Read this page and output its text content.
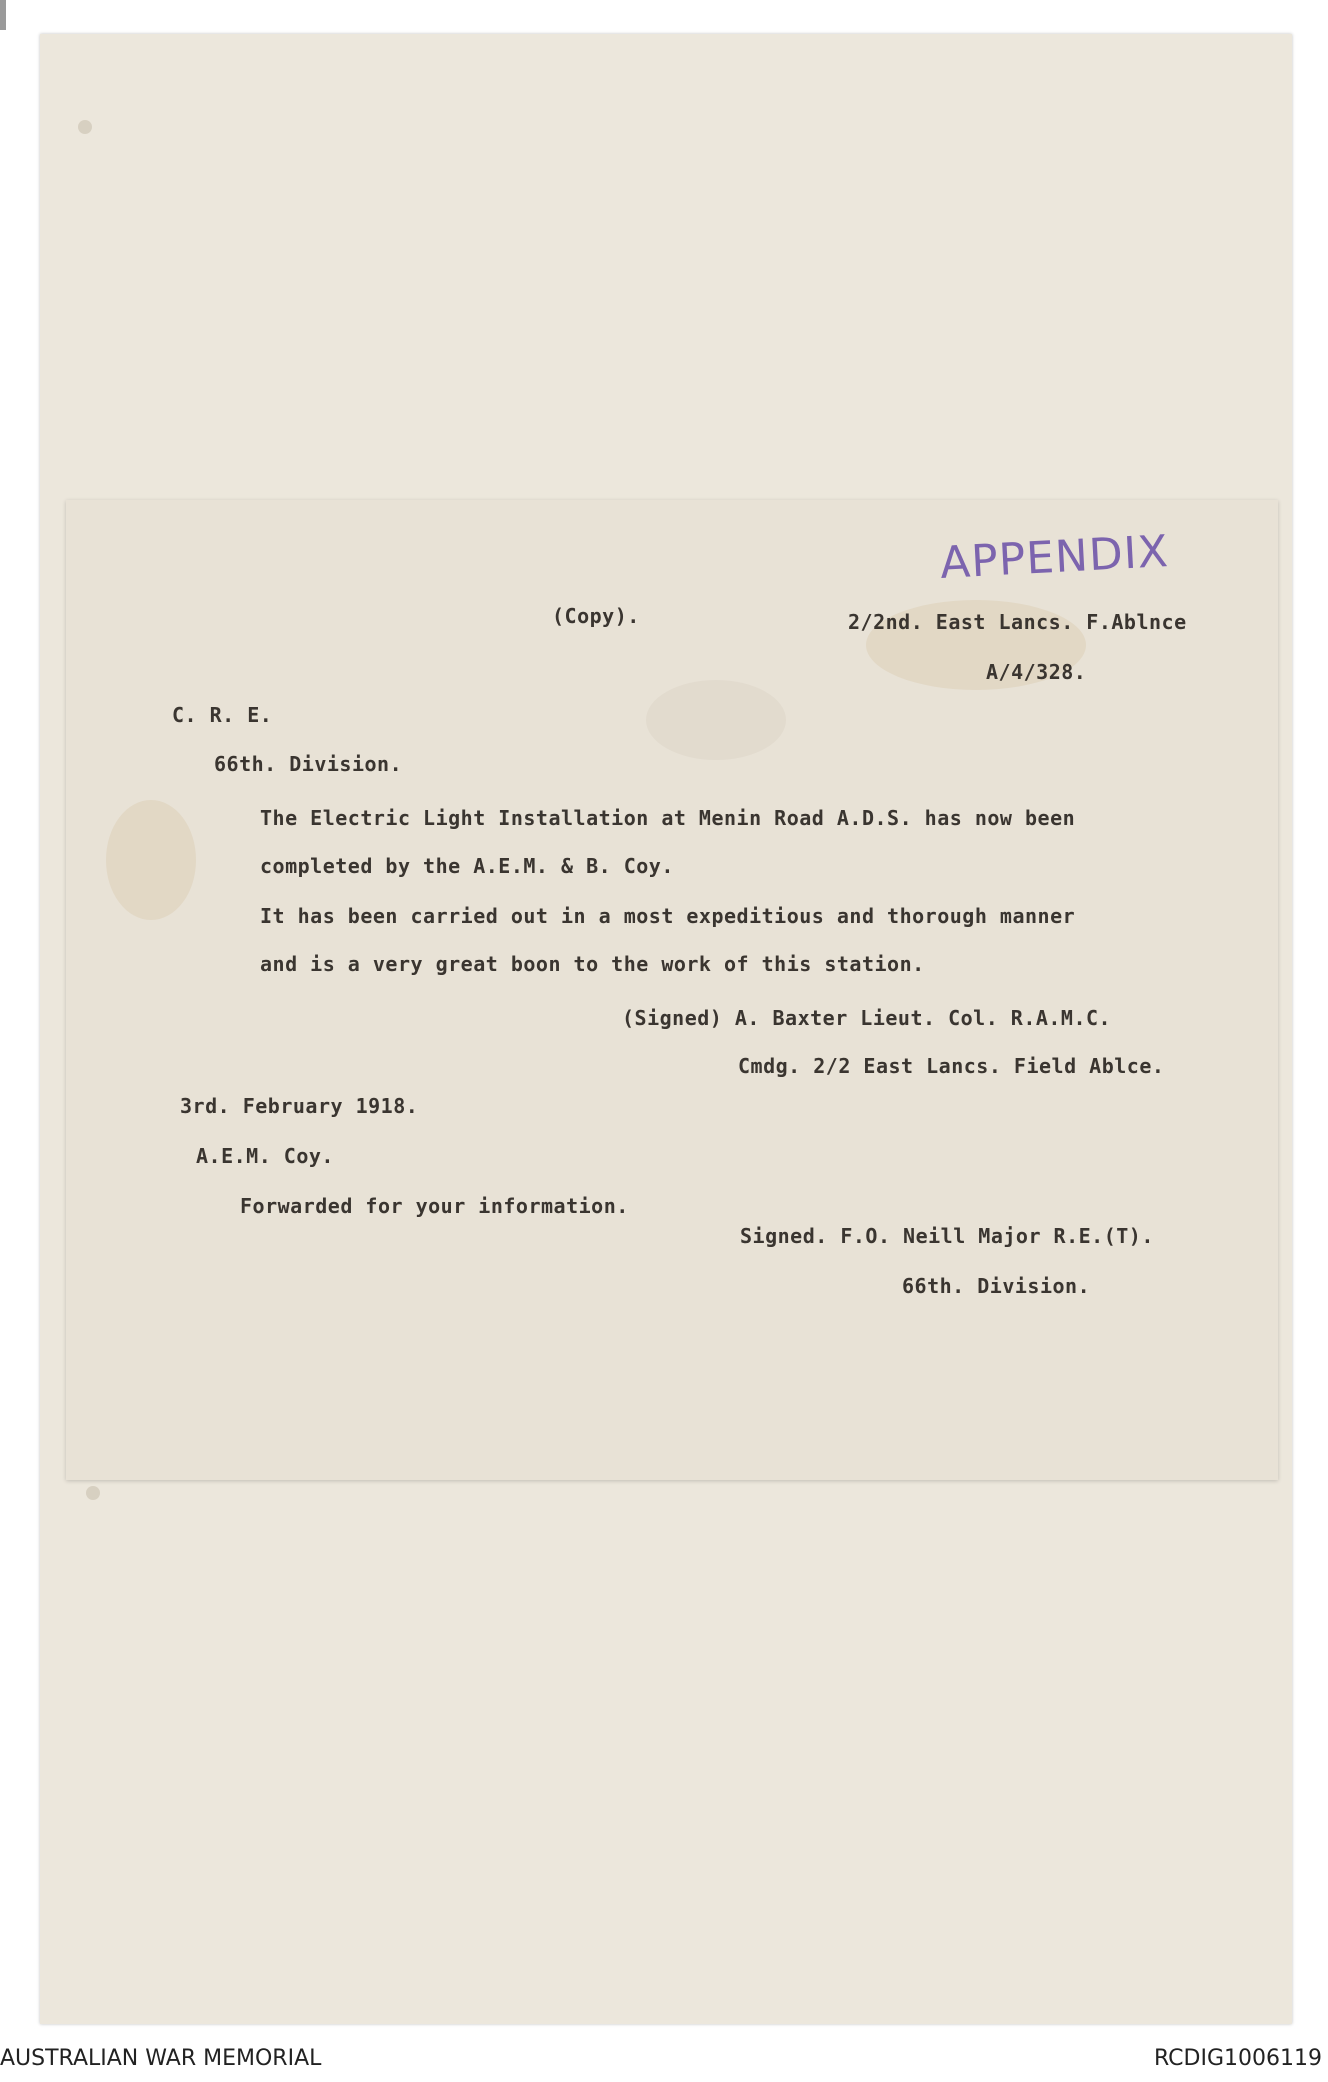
APPENDIX
(Copy).	2/2nd. East Lancs. F.Ablnce
A/4/328.
C. R. E.
66th. Division.
The Electric Light Installation at Menin Road A.D.S. has now been
completed by the A.E.M. & B. Coy.
It has been carried out in a most expeditious and thorough manner
and is a very great boon to the work of this station.
(Signed) A. Baxter Lieut. Col. R.A.M.C.
Cmdg. 2/2 East Lancs. Field Ablce.
3rd. February 1918.
A.E.M. Coy.
Forwarded for your information.
Signed. F.O. Neill Major R.E.(T).
66th. Division.
AUSTRALIAN WAR MEMORIAL	RCDIG1006119
